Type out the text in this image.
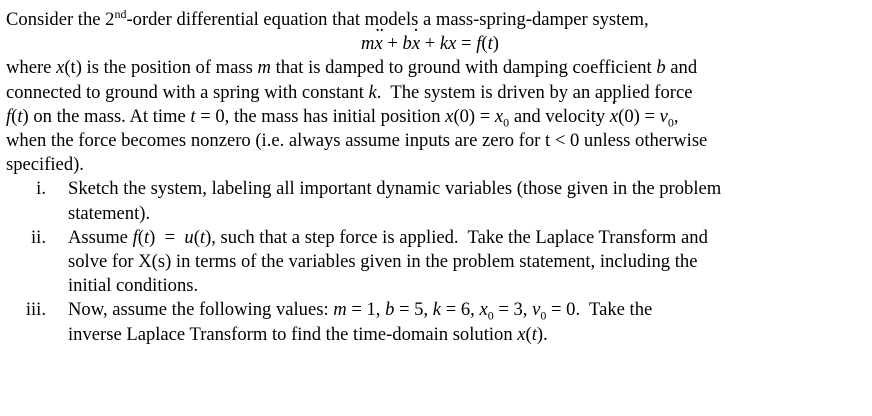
Consider the 2nd-order differential equation that models a mass-spring-damper system,
m·· x + b· x + kx = f(t)
where x(t) is the position of mass m that is damped to ground with damping coefficient b and
connected to ground with a spring with constant k.  The system is driven by an applied force
f(t) on the mass. At time t = 0, the mass has initial position $x(0) = x_0$ and velocity · $x(0) = v_0$,
when the force becomes nonzero (i.e. always assume inputs are zero for t < 0 unless otherwise
specified).
i. Sketch the system, labeling all important dynamic variables (those given in the problem
statement).
ii. Assume f(t)  =  u(t), such that a step force is applied.  Take the Laplace Transform and
solve for X(s) in terms of the variables given in the problem statement, including the
initial conditions.
iii. Now, assume the following values: m = 1, b = 5, k = 6, $x_0 = 3$, $v_0 = 0$.  Take the
inverse Laplace Transform to find the time-domain solution x(t).
